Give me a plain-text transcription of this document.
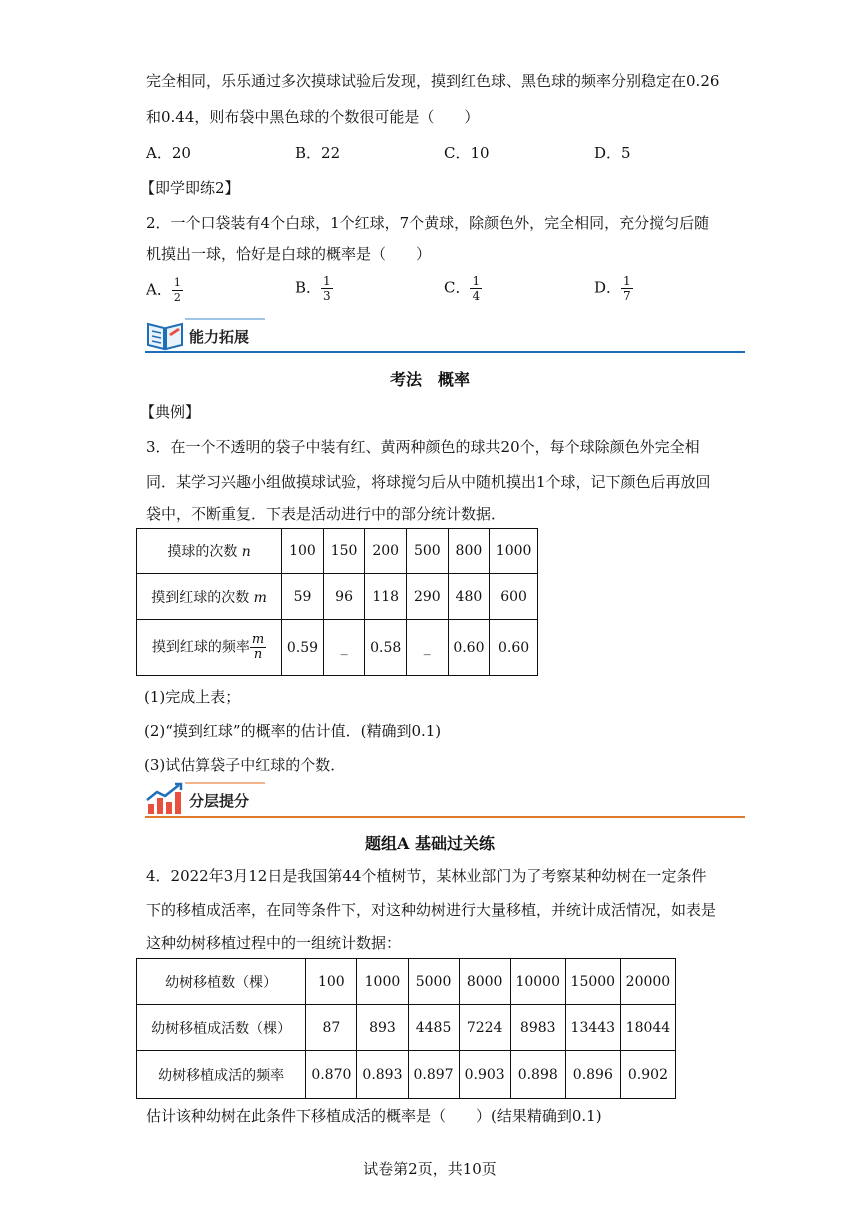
完全相同，乐乐通过多次摸球试验后发现，摸到红色球、黑色球的频率分别稳定在0.26
和0.44，则布袋中黑色球的个数很可能是（　　）
A．20	B．22	C．10	D．5
【即学即练2】
2．一个口袋装有4个白球，1个红球，7个黄球，除颜色外，完全相同，充分搅匀后随
机摸出一球，恰好是白球的概率是（　　）
A． $\frac{1}{2}$	B． $\frac{1}{3}$	C． $\frac{1}{4}$	D． $\frac{1}{7}$
能力拓展
考法　概率
【典例】
3．在一个不透明的袋子中装有红、黄两种颜色的球共20个，每个球除颜色外完全相
同．某学习兴趣小组做摸球试验，将球搅匀后从中随机摸出1个球，记下颜色后再放回
袋中，不断重复．下表是活动进行中的部分统计数据．
摸球的次数 n	100	150	200	500	800	1000
摸到红球的次数 m	59	96	118	290	480	600
摸到红球的频率 $\frac{m}{n}$	0.59	_	0.58	_	0.60	0.60
(1)完成上表；
(2)“摸到红球”的概率的估计值．(精确到0.1)
(3)试估算袋子中红球的个数．
分层提分
题组A 基础过关练
4．2022年3月12日是我国第44个植树节，某林业部门为了考察某种幼树在一定条件
下的移植成活率，在同等条件下，对这种幼树进行大量移植，并统计成活情况，如表是
这种幼树移植过程中的一组统计数据：
幼树移植数（棵）	100	1000	5000	8000	10000	15000	20000
幼树移植成活数（棵）	87	893	4485	7224	8983	13443	18044
幼树移植成活的频率	0.870	0.893	0.897	0.903	0.898	0.896	0.902
估计该种幼树在此条件下移植成活的概率是（　　）(结果精确到0.1)
试卷第2页，共10页
